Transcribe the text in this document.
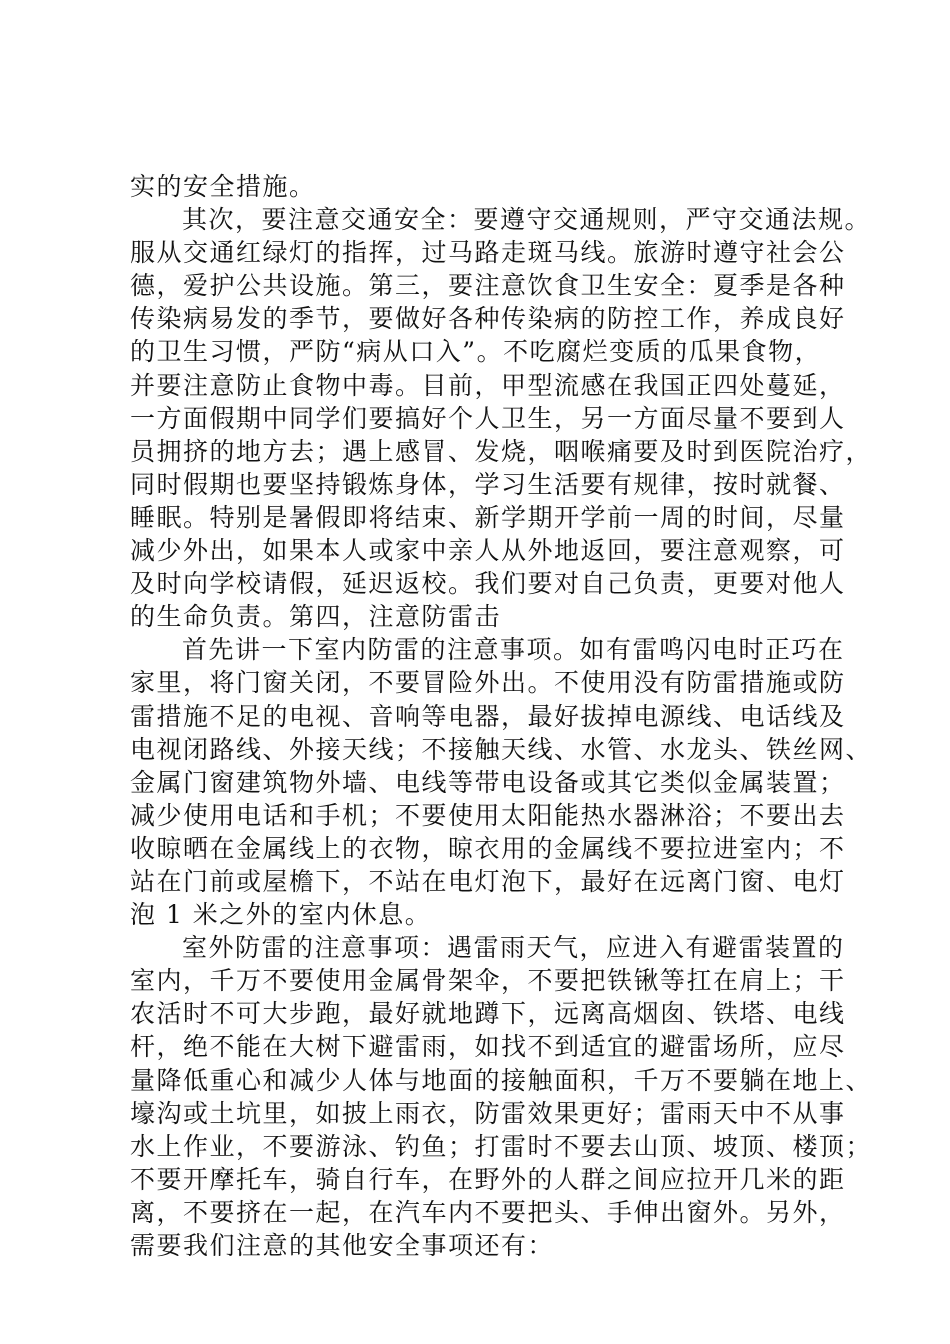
实的安全措施。
其次，要注意交通安全：要遵守交通规则，严守交通法规。
服从交通红绿灯的指挥，过马路走斑马线。旅游时遵守社会公
德，爱护公共设施。第三，要注意饮食卫生安全：夏季是各种
传染病易发的季节，要做好各种传染病的防控工作，养成良好
的卫生习惯，严防“病从口入”。不吃腐烂变质的瓜果食物，
并要注意防止食物中毒。目前，甲型流感在我国正四处蔓延，
一方面假期中同学们要搞好个人卫生，另一方面尽量不要到人
员拥挤的地方去；遇上感冒、发烧，咽喉痛要及时到医院治疗，
同时假期也要坚持锻炼身体，学习生活要有规律，按时就餐、
睡眠。特别是暑假即将结束、新学期开学前一周的时间，尽量
减少外出，如果本人或家中亲人从外地返回，要注意观察，可
及时向学校请假，延迟返校。我们要对自己负责，更要对他人
的生命负责。第四，注意防雷击
首先讲一下室内防雷的注意事项。如有雷鸣闪电时正巧在
家里，将门窗关闭，不要冒险外出。不使用没有防雷措施或防
雷措施不足的电视、音响等电器，最好拔掉电源线、电话线及
电视闭路线、外接天线；不接触天线、水管、水龙头、铁丝网、
金属门窗建筑物外墙、电线等带电设备或其它类似金属装置；
减少使用电话和手机；不要使用太阳能热水器淋浴；不要出去
收晾晒在金属线上的衣物，晾衣用的金属线不要拉进室内；不
站在门前或屋檐下，不站在电灯泡下，最好在远离门窗、电灯
泡 1 米之外的室内休息。
室外防雷的注意事项：遇雷雨天气，应进入有避雷装置的
室内，千万不要使用金属骨架伞，不要把铁锹等扛在肩上；干
农活时不可大步跑，最好就地蹲下，远离高烟囱、铁塔、电线
杆，绝不能在大树下避雷雨，如找不到适宜的避雷场所，应尽
量降低重心和减少人体与地面的接触面积，千万不要躺在地上、
壕沟或土坑里，如披上雨衣，防雷效果更好；雷雨天中不从事
水上作业，不要游泳、钓鱼；打雷时不要去山顶、坡顶、楼顶；
不要开摩托车，骑自行车，在野外的人群之间应拉开几米的距
离，不要挤在一起，在汽车内不要把头、手伸出窗外。另外，
需要我们注意的其他安全事项还有：
